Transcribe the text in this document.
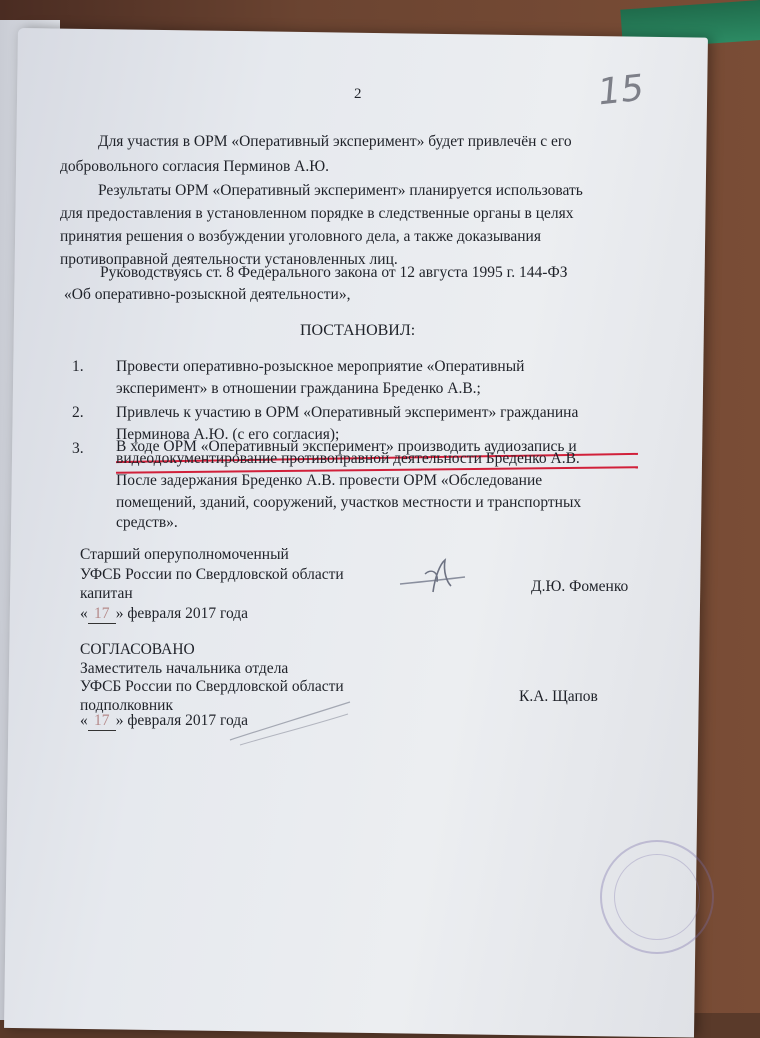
2	15
Для участия в ОРМ «Оперативный эксперимент» будет привлечён с его
добровольного согласия Перминов А.Ю.
Результаты ОРМ «Оперативный эксперимент» планируется использовать
для предоставления в установленном порядке в следственные органы в целях
принятия решения о возбуждении уголовного дела, а также доказывания
противоправной деятельности установленных лиц.
Руководствуясь ст. 8 Федерального закона от 12 августа 1995 г. 144-ФЗ
«Об оперативно-розыскной деятельности»,
ПОСТАНОВИЛ:
1. Провести оперативно-розыскное мероприятие «Оперативный
эксперимент» в отношении гражданина Бреденко А.В.;
2. Привлечь к участию в ОРМ «Оперативный эксперимент» гражданина
Перминова А.Ю. (с его согласия);
3. В ходе ОРМ «Оперативный эксперимент» производить аудиозапись и
видеодокументирование противоправной деятельности Бреденко А.В.
После задержания Бреденко А.В. провести ОРМ «Обследование
помещений, зданий, сооружений, участков местности и транспортных
средств».
Старший оперуполномоченный
УФСБ России по Свердловской области
капитан
« 17 » февраля 2017 года
Д.Ю. Фоменко
СОГЛАСОВАНО
Заместитель начальника отдела
УФСБ России по Свердловской области
подполковник
« 17 » февраля 2017 года
К.А. Щапов
